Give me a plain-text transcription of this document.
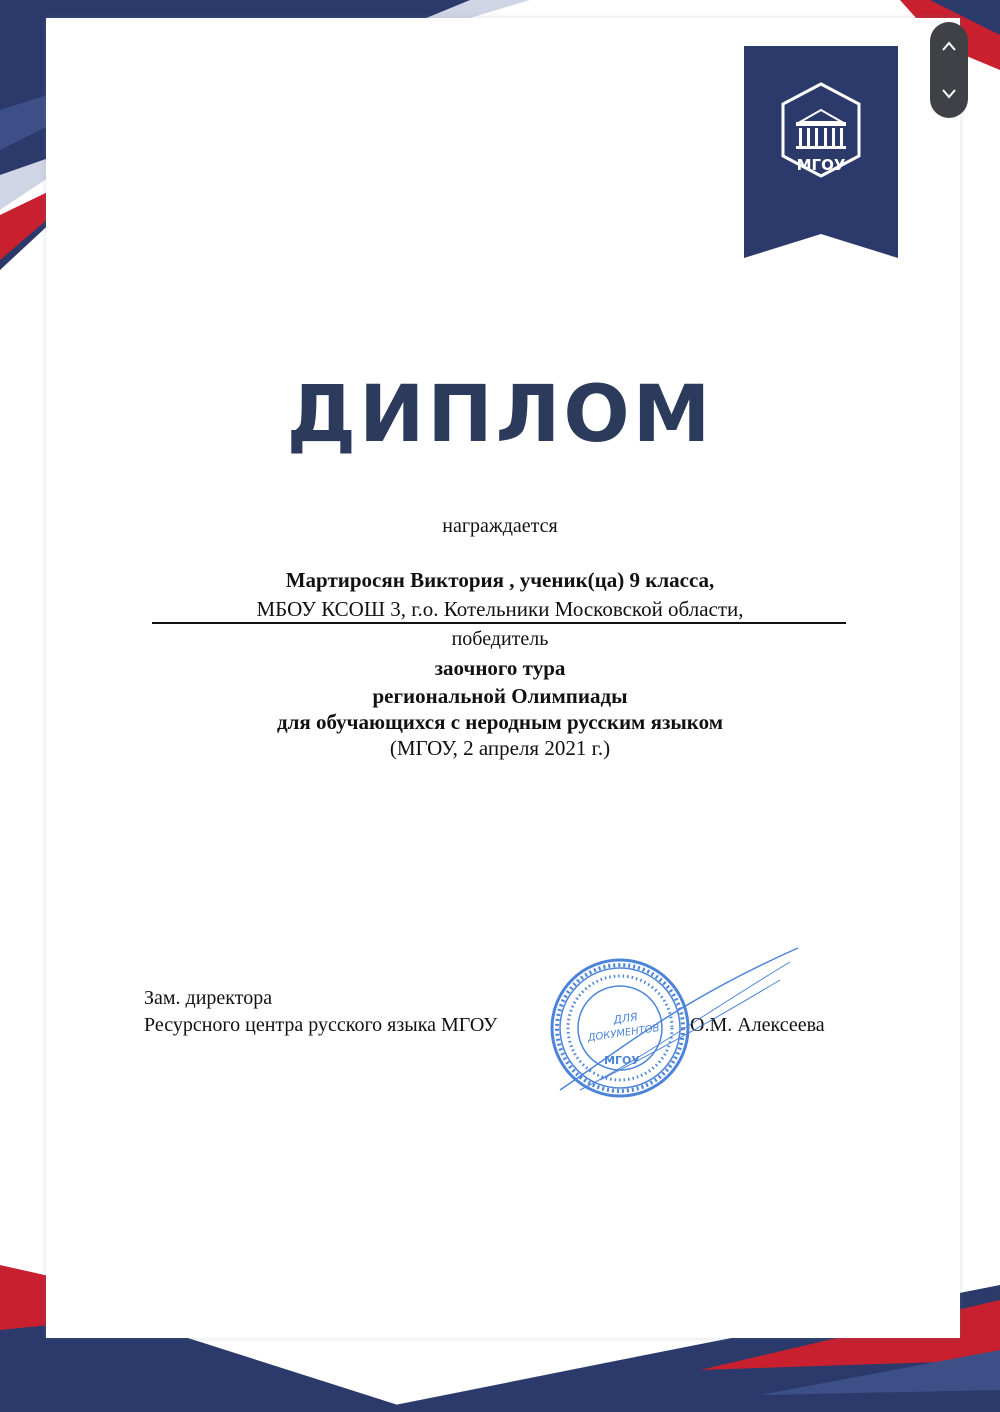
МГОУ
ДИПЛОМ
награждается
Мартиросян Виктория , ученик(ца) 9 класса,
МБОУ КСОШ 3, г.о. Котельники Московской области,
победитель
заочного тура
региональной Олимпиады
для обучающихся с неродным русским языком
(МГОУ, 2 апреля 2021 г.)
Зам. директора
Ресурсного центра русского языка МГОУ	О.М. Алексеева
ДЛЯ
ДОКУМЕНТОВ
МГОУ
